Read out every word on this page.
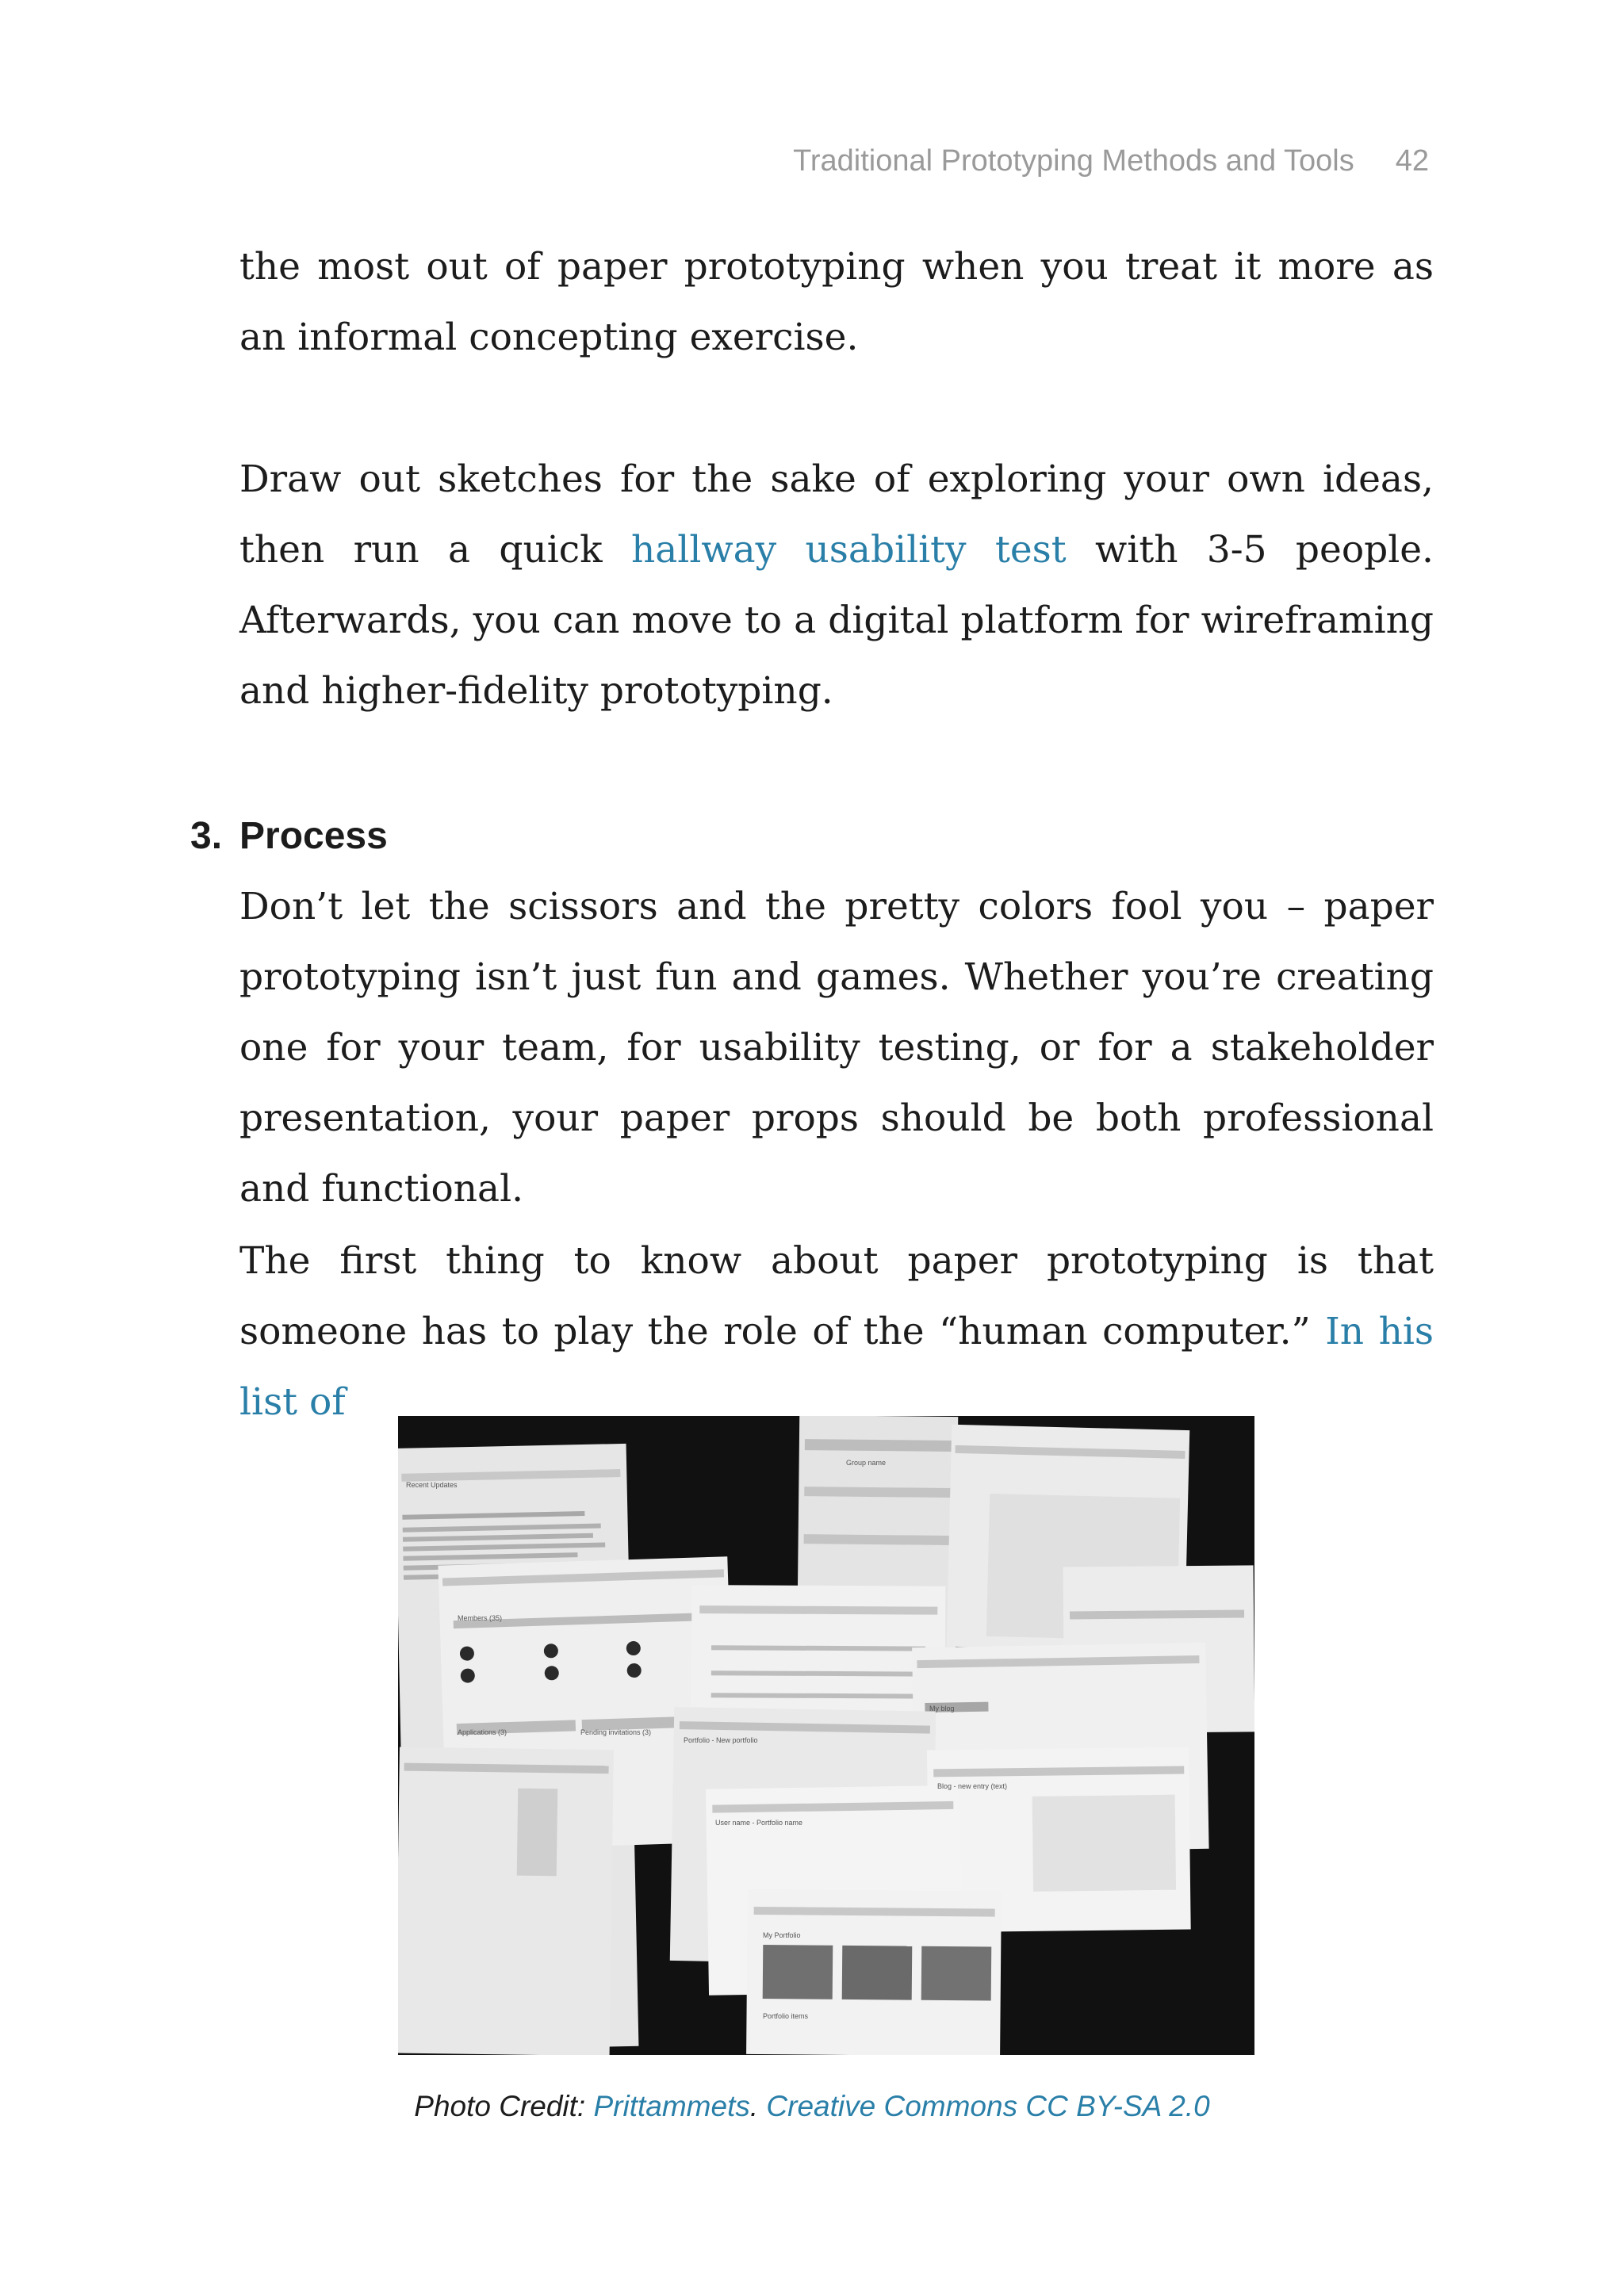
Traditional Prototyping Methods and Tools 42

the most out of paper prototyping when you treat it more as an informal concepting exercise.

Draw out sketches for the sake of exploring your own ideas, then run a quick hallway usability test with 3-5 people. Afterwards, you can move to a digital platform for wireframing and higher-fidelity prototyping.

3. Process

Don’t let the scissors and the pretty colors fool you – paper prototyping isn’t just fun and games. Whether you’re creating one for your team, for usability testing, or for a stakeholder presentation, your paper props should be both professional and functional.

The first thing to know about paper prototyping is that someone has to play the role of the “human computer.” In his list of

Recent Updates
Group name
Members (35)
Applications (3)	Pending invitations (3)
My blog
Blog - new entry (text)
Portfolio - New portfolio
User name - Portfolio name
My Portfolio
Portfolio items
Photo Credit: Prittammets. Creative Commons CC BY-SA 2.0
